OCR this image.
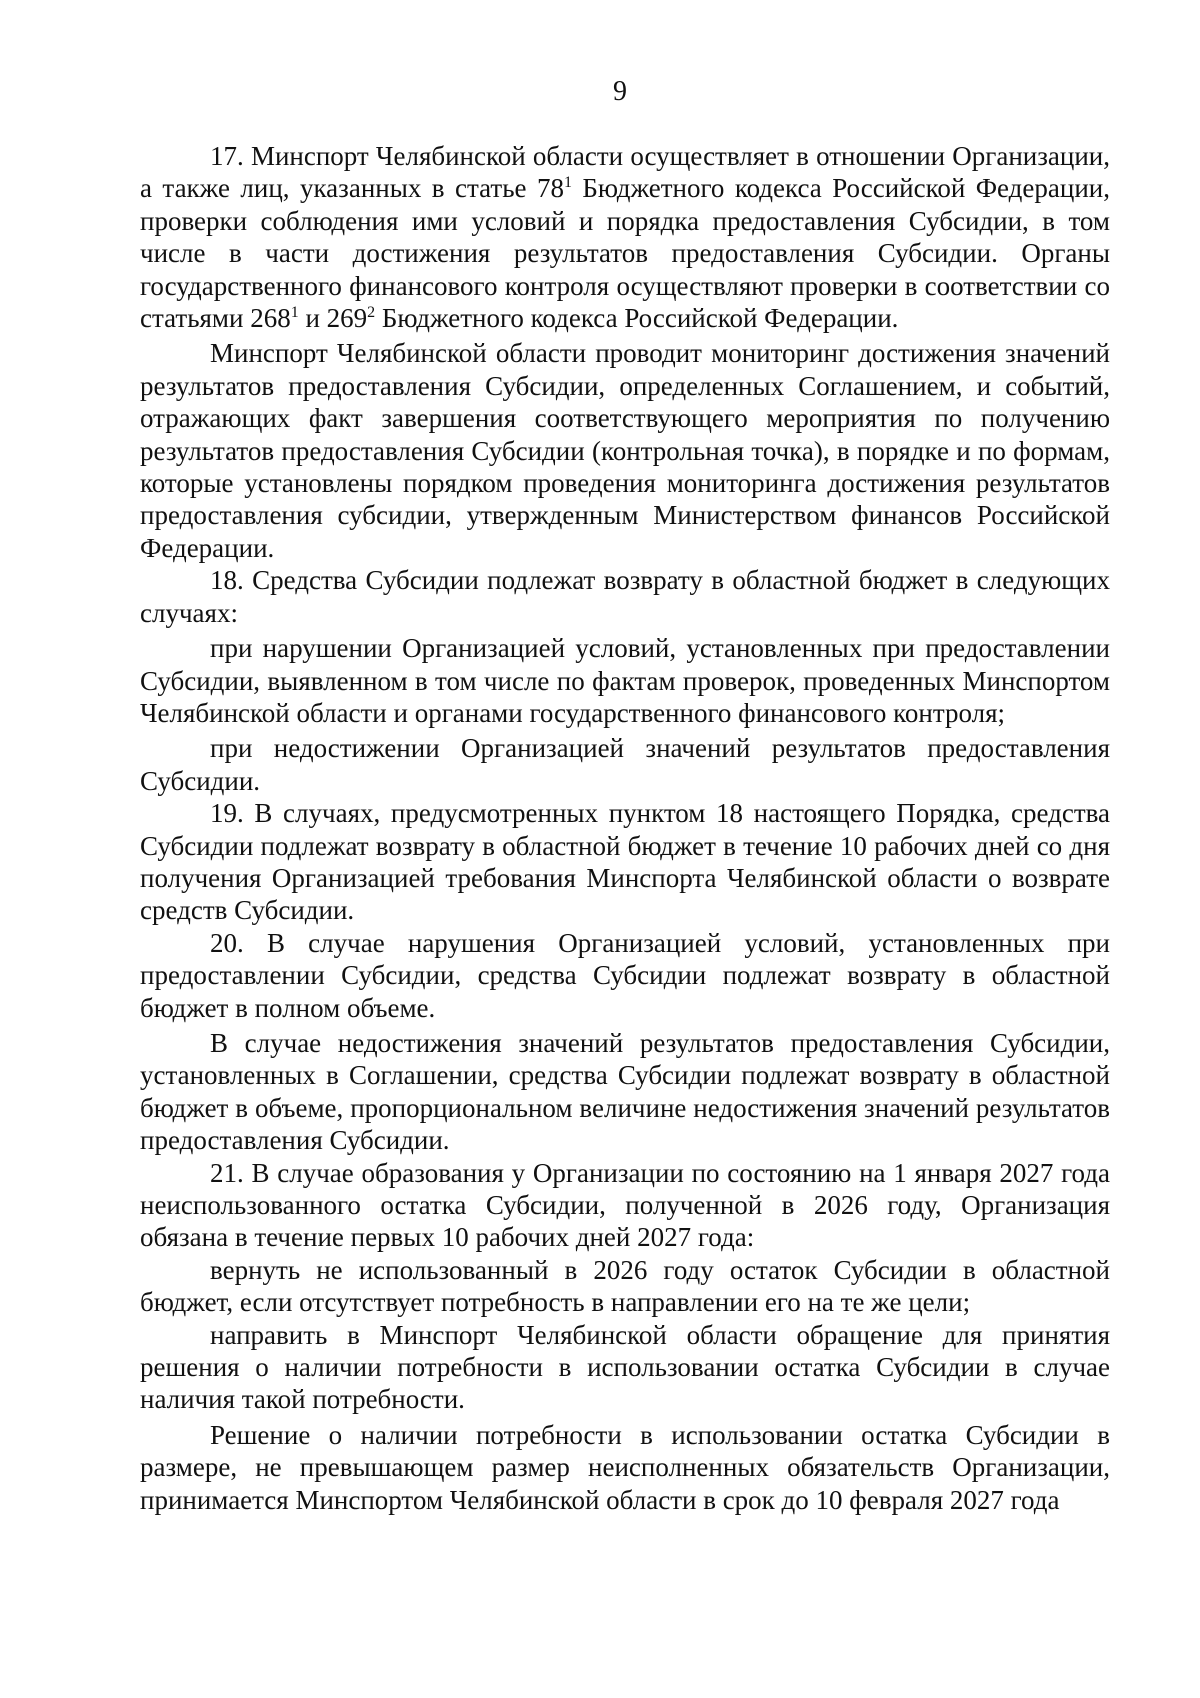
9

17. Минспорт Челябинской области осуществляет в отношении Организации, а также лиц, указанных в статье $78^1$ Бюджетного кодекса Российской Федерации, проверки соблюдения ими условий и порядка предоставления Субсидии, в том числе в части достижения результатов предоставления Субсидии. Органы государственного финансового контроля осуществляют проверки в соответствии со статьями $268^1$ и $269^2$ Бюджетного кодекса Российской Федерации.

Минспорт Челябинской области проводит мониторинг достижения значений результатов предоставления Субсидии, определенных Соглашением, и событий, отражающих факт завершения соответствующего мероприятия по получению результатов предоставления Субсидии (контрольная точка), в порядке и по формам, которые установлены порядком проведения мониторинга достижения результатов предоставления субсидии, утвержденным Министерством финансов Российской Федерации.

18. Средства Субсидии подлежат возврату в областной бюджет в следующих случаях:

при нарушении Организацией условий, установленных при предоставлении Субсидии, выявленном в том числе по фактам проверок, проведенных Минспортом Челябинской области и органами государственного финансового контроля;

при недостижении Организацией значений результатов предоставления Субсидии.

19. В случаях, предусмотренных пунктом 18 настоящего Порядка, средства Субсидии подлежат возврату в областной бюджет в течение 10 рабочих дней со дня получения Организацией требования Минспорта Челябинской области о возврате средств Субсидии.

20. В случае нарушения Организацией условий, установленных при предоставлении Субсидии, средства Субсидии подлежат возврату в областной бюджет в полном объеме.

В случае недостижения значений результатов предоставления Субсидии, установленных в Соглашении, средства Субсидии подлежат возврату в областной бюджет в объеме, пропорциональном величине недостижения значений результатов предоставления Субсидии.

21. В случае образования у Организации по состоянию на 1 января 2027 года неиспользованного остатка Субсидии, полученной в 2026 году, Организация обязана в течение первых 10 рабочих дней 2027 года:

вернуть не использованный в 2026 году остаток Субсидии в областной бюджет, если отсутствует потребность в направлении его на те же цели;

направить в Минспорт Челябинской области обращение для принятия решения о наличии потребности в использовании остатка Субсидии в случае наличия такой потребности.

Решение о наличии потребности в использовании остатка Субсидии в размере, не превышающем размер неисполненных обязательств Организации, принимается Минспортом Челябинской области в срок до 10 февраля 2027 года
